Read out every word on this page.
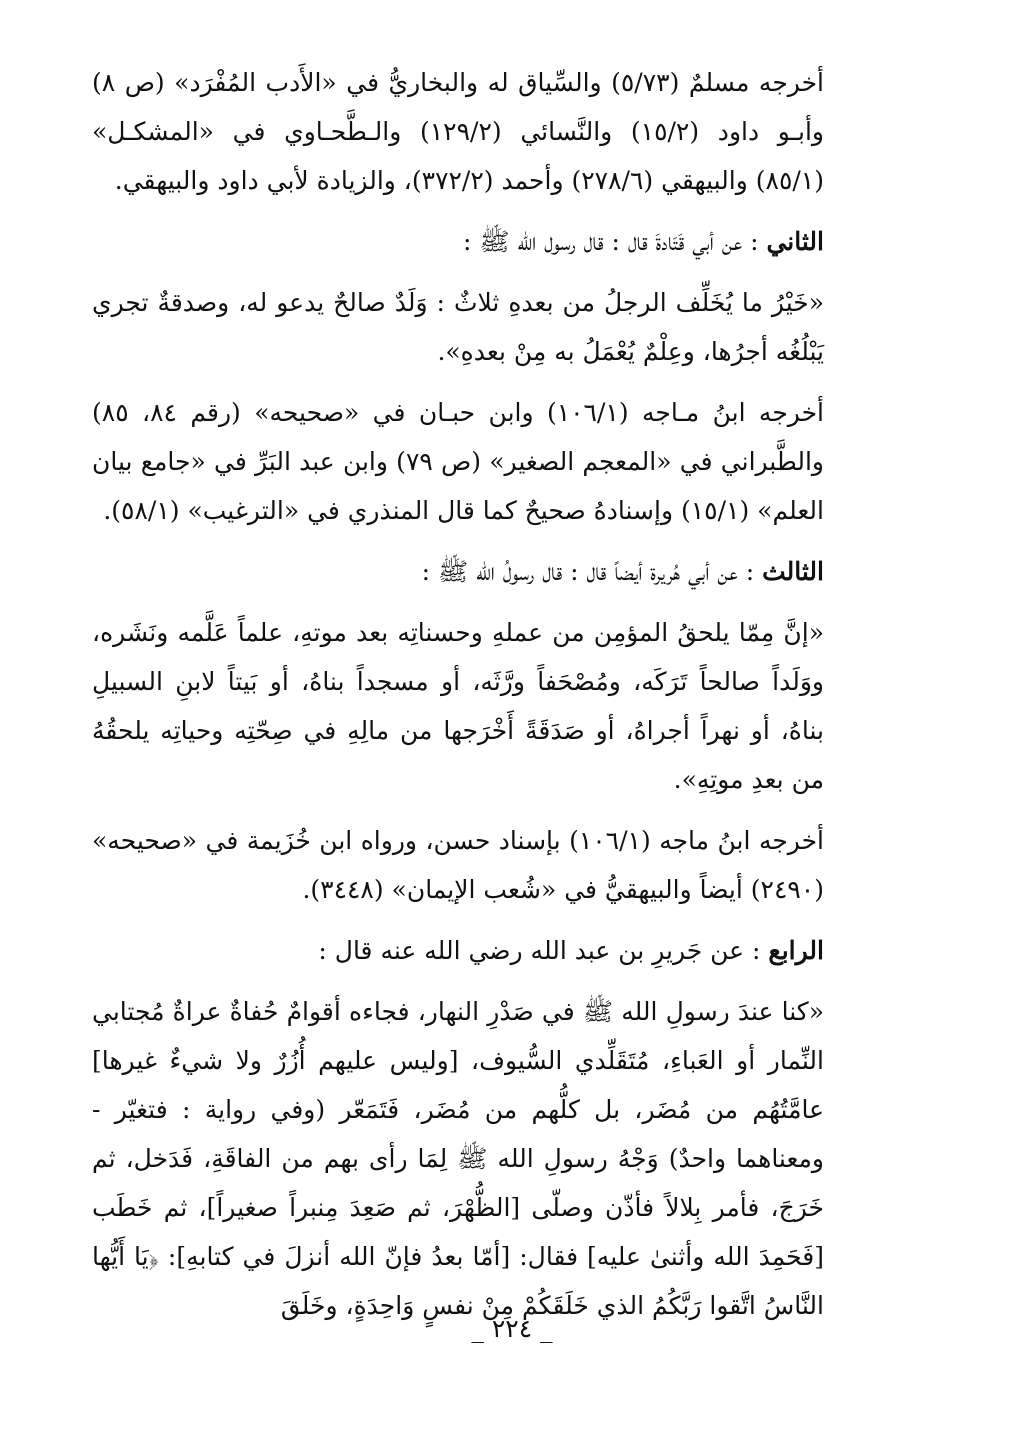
أخرجه مسلمٌ (٥/٧٣) والسِّياق له والبخاريُّ في «الأَدب المُفْرَد» (ص ٨) وأبـو داود (١٥/٢) والنَّسائي (١٢٩/٢) والـطَّحـاوي في «المشكـل» (٨٥/١) والبيهقي (٢٧٨/٦) وأحمد (٣٧٢/٢)، والزيادة لأبي داود والبيهقي.

الثاني : عن أبي قَتَادةَ قال : قال رسول الله ﷺ :

«خَيْرُ ما يُخَلِّف الرجلُ من بعدهِ ثلاثٌ : وَلَدٌ صالحٌ يدعو له، وصدقةٌ تجري يَبْلُغُه أجرُها، وعِلْمٌ يُعْمَلُ به مِنْ بعدهِ».

أخرجه ابنُ مـاجه (١٠٦/١) وابن حبـان في «صحيحه» (رقم ٨٤، ٨٥) والطَّبراني في «المعجم الصغير» (ص ٧٩) وابن عبد البَرِّ في «جامع بيان العلم» (١٥/١) وإسنادهُ صحيحٌ كما قال المنذري في «الترغيب» (٥٨/١).

الثالث : عن أبي هُريرة أيضاً قال : قال رسولُ الله ﷺ :

«إنَّ مِمّا يلحقُ المؤمِن من عملهِ وحسناتِه بعد موتهِ، علماً عَلَّمه ونَشَره، ووَلَداً صالحاً تَرَكَه، ومُصْحَفاً ورَّثَه، أو مسجداً بناهُ، أو بَيتاً لابنِ السبيلِ بناهُ، أو نهراً أجراهُ، أو صَدَقَةً أَخْرَجها من مالِهِ في صِحّتِه وحياتِه يلحقُهُ من بعدِ موتِهِ».

أخرجه ابنُ ماجه (١٠٦/١) بإسناد حسن، ورواه ابن خُزَيمة في «صحيحه» (٢٤٩٠) أيضاً والبيهقيُّ في «شُعب الإيمان» (٣٤٤٨).

الرابع : عن جَريرِ بن عبد الله رضي الله عنه قال :

«كنا عندَ رسولِ الله ﷺ في صَدْرِ النهار، فجاءه أقوامٌ حُفاةٌ عراةٌ مُجتابي النِّمار أو العَباءِ، مُتَقَلِّدي السُّيوف، [وليس عليهم أُزُرٌ ولا شيءٌ غيرها] عامَّتُهُم من مُضَر، بل كلُّهم من مُضَر، فَتَمَعّر (وفي رواية : فتغيّر - ومعناهما واحدٌ) وَجْهُ رسولِ الله ﷺ لِمَا رأى بهم من الفاقَةِ، فَدَخل، ثم خَرَجَ، فأمر بِلالاً فأذّن وصلّى [الظُّهْرَ، ثم صَعِدَ مِنبراً صغيراً]، ثم خَطَب [فَحَمِدَ الله وأثنىٰ عليه] فقال: [أمّا بعدُ فإنّ الله أنزلَ في كتابهِ]: ﴿يَا أَيُّها النَّاسُ اتَّقوا رَبَّكُمُ الذي خَلَقَكُمْ مِنْ نفسٍ وَاحِدَةٍ، وخَلَقَ

_ ٢٢٤ _
